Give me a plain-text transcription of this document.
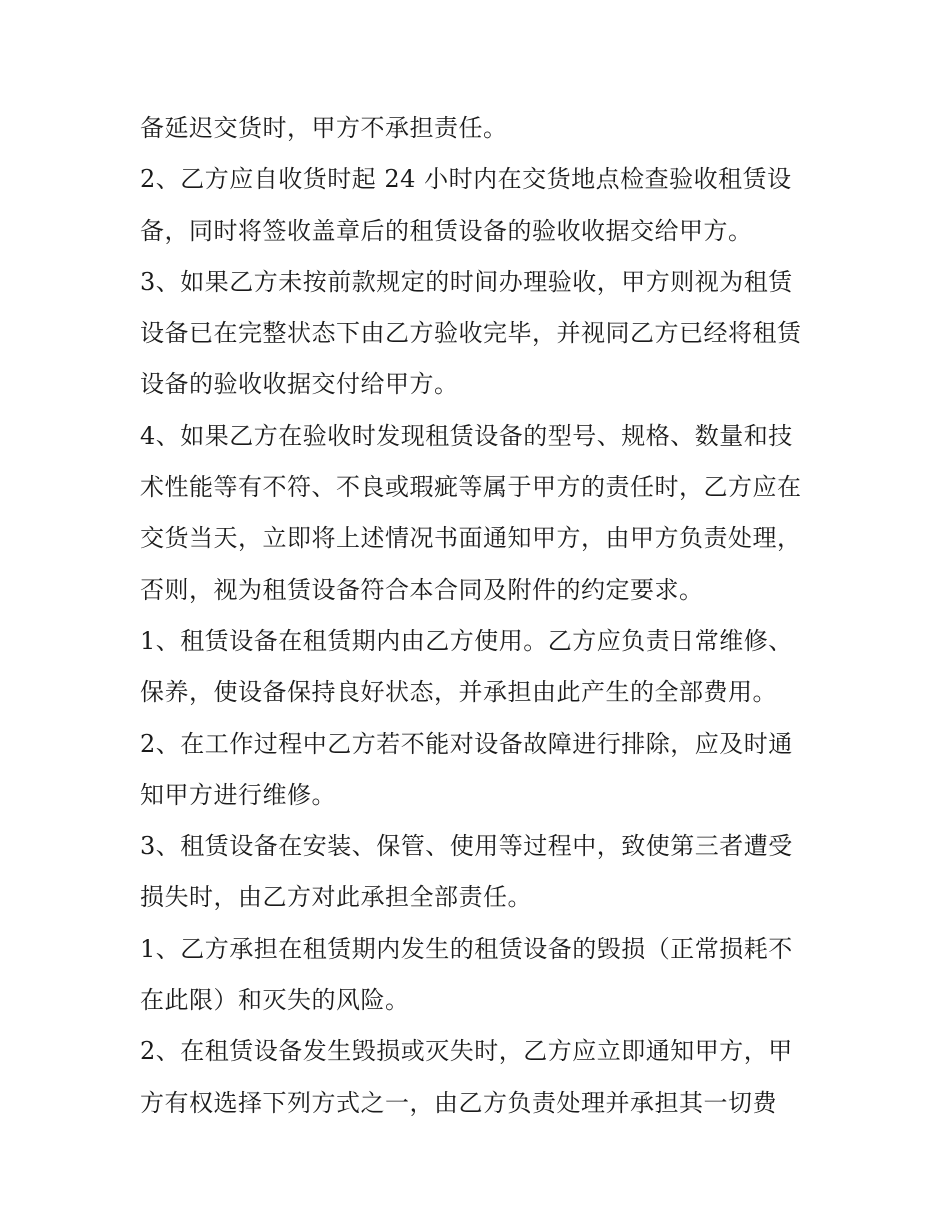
备延迟交货时，甲方不承担责任。
2、乙方应自收货时起 24 小时内在交货地点检查验收租赁设
备，同时将签收盖章后的租赁设备的验收收据交给甲方。
3、如果乙方未按前款规定的时间办理验收，甲方则视为租赁
设备已在完整状态下由乙方验收完毕，并视同乙方已经将租赁
设备的验收收据交付给甲方。
4、如果乙方在验收时发现租赁设备的型号、规格、数量和技
术性能等有不符、不良或瑕疵等属于甲方的责任时，乙方应在
交货当天，立即将上述情况书面通知甲方，由甲方负责处理，
否则，视为租赁设备符合本合同及附件的约定要求。
1、租赁设备在租赁期内由乙方使用。乙方应负责日常维修、
保养，使设备保持良好状态，并承担由此产生的全部费用。
2、在工作过程中乙方若不能对设备故障进行排除，应及时通
知甲方进行维修。
3、租赁设备在安装、保管、使用等过程中，致使第三者遭受
损失时，由乙方对此承担全部责任。
1、乙方承担在租赁期内发生的租赁设备的毁损（正常损耗不
在此限）和灭失的风险。
2、在租赁设备发生毁损或灭失时，乙方应立即通知甲方，甲
方有权选择下列方式之一，由乙方负责处理并承担其一切费
